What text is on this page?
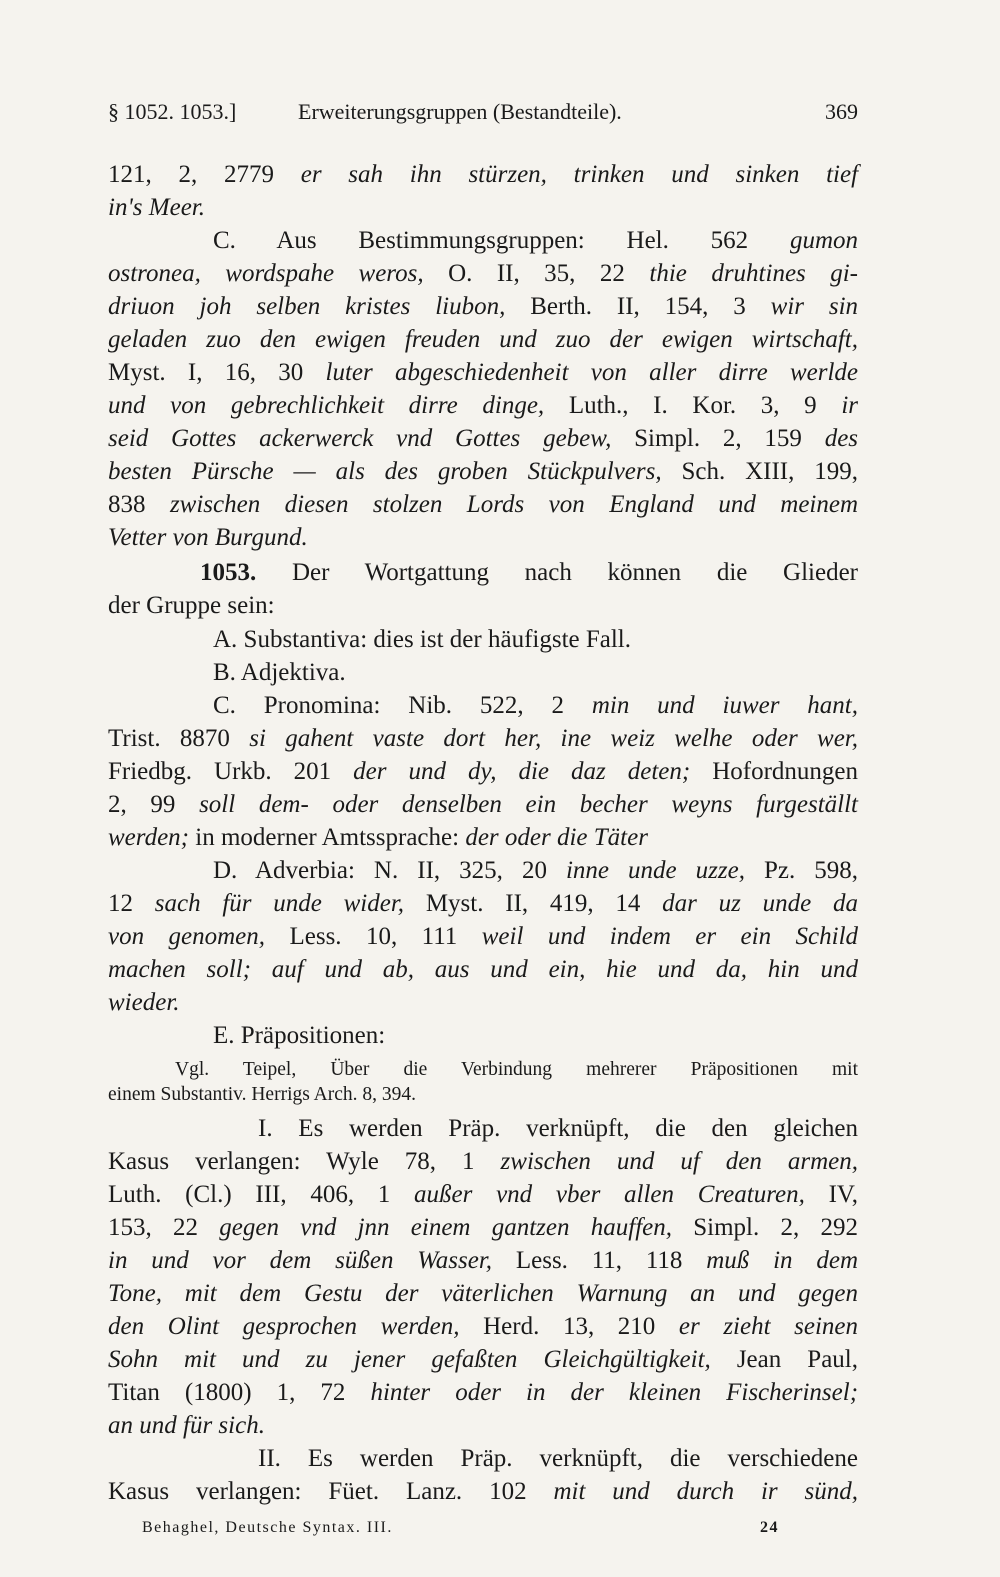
§ 1052. 1053.]	Erweiterungsgruppen (Bestandteile).	369
121, 2, 2779 er sah ihn stürzen, trinken und sinken tief
in's Meer.
C. Aus Bestimmungsgruppen: Hel. 562 gumon
ostronea, wordspahe weros, O. II, 35, 22 thie druhtines gi-
driuon joh selben kristes liubon, Berth. II, 154, 3 wir sin
geladen zuo den ewigen freuden und zuo der ewigen wirtschaft,
Myst. I, 16, 30 luter abgeschiedenheit von aller dirre werlde
und von gebrechlichkeit dirre dinge, Luth., I. Kor. 3, 9 ir
seid Gottes ackerwerck vnd Gottes gebew, Simpl. 2, 159 des
besten Pürsche — als des groben Stückpulvers, Sch. XIII, 199,
838 zwischen diesen stolzen Lords von England und meinem
Vetter von Burgund.
1053. Der Wortgattung nach können die Glieder
der Gruppe sein:
A. Substantiva: dies ist der häufigste Fall.
B. Adjektiva.
C. Pronomina: Nib. 522, 2 min und iuwer hant,
Trist. 8870 si gahent vaste dort her, ine weiz welhe oder wer,
Friedbg. Urkb. 201 der und dy, die daz deten; Hofordnungen
2, 99 soll dem- oder denselben ein becher weyns furgeställt
werden; in moderner Amtssprache: der oder die Täter
D. Adverbia: N. II, 325, 20 inne unde uzze, Pz. 598,
12 sach für unde wider, Myst. II, 419, 14 dar uz unde da
von genomen, Less. 10, 111 weil und indem er ein Schild
machen soll; auf und ab, aus und ein, hie und da, hin und
wieder.
E. Präpositionen:
Vgl. Teipel, Über die Verbindung mehrerer Präpositionen mit
einem Substantiv. Herrigs Arch. 8, 394.
I. Es werden Präp. verknüpft, die den gleichen
Kasus verlangen: Wyle 78, 1 zwischen und uf den armen,
Luth. (Cl.) III, 406, 1 außer vnd vber allen Creaturen, IV,
153, 22 gegen vnd jnn einem gantzen hauffen, Simpl. 2, 292
in und vor dem süßen Wasser, Less. 11, 118 muß in dem
Tone, mit dem Gestu der väterlichen Warnung an und gegen
den Olint gesprochen werden, Herd. 13, 210 er zieht seinen
Sohn mit und zu jener gefaßten Gleichgültigkeit, Jean Paul,
Titan (1800) 1, 72 hinter oder in der kleinen Fischerinsel;
an und für sich.
II. Es werden Präp. verknüpft, die verschiedene
Kasus verlangen: Füet. Lanz. 102 mit und durch ir sünd,
Behaghel, Deutsche Syntax. III.	24
